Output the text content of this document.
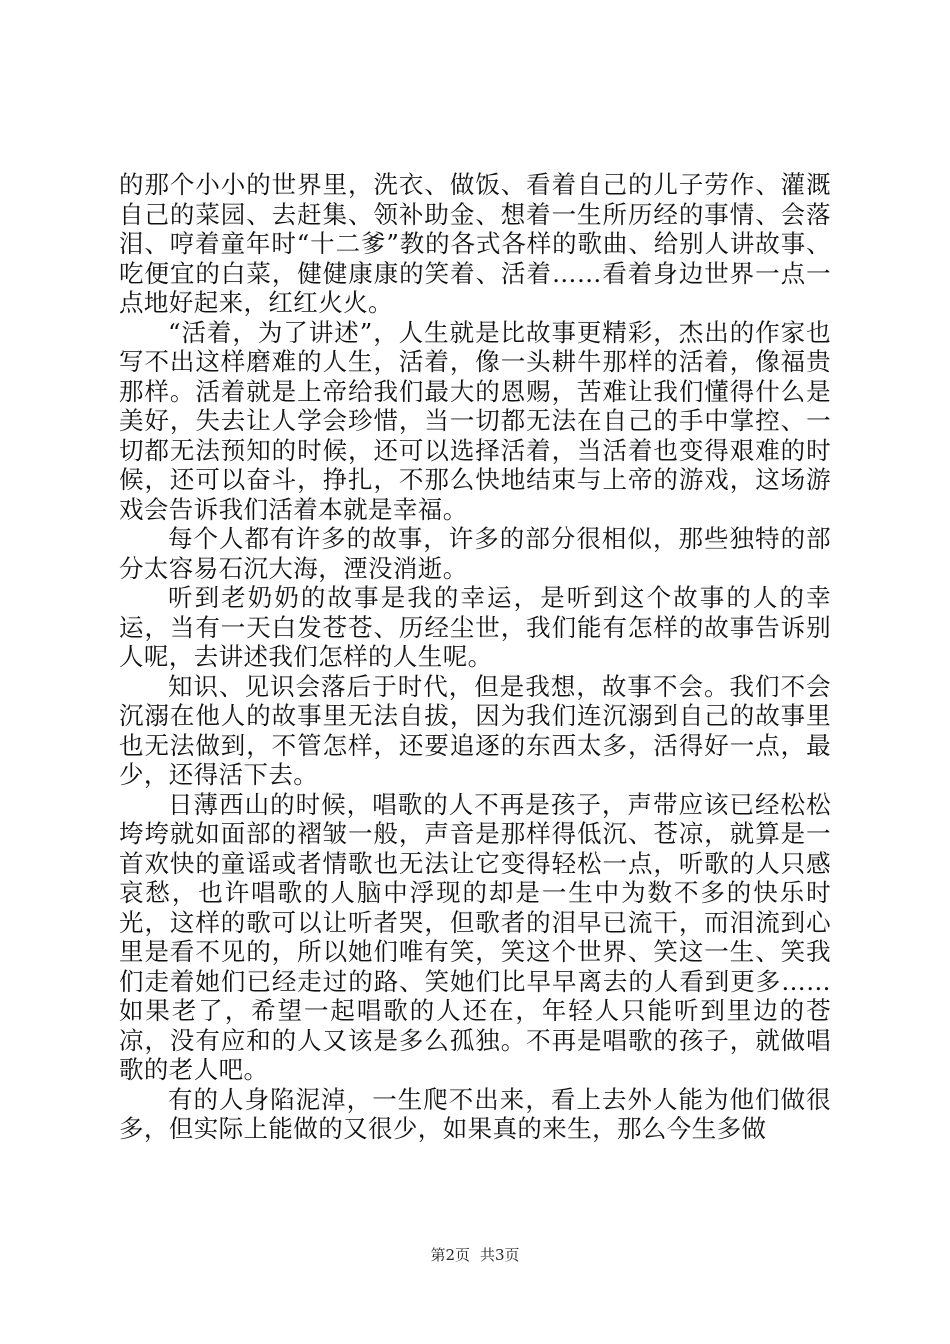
的那个小小的世界里，洗衣、做饭、看着自己的儿子劳作、灌溉自己的菜园、去赶集、领补助金、想着一生所历经的事情、会落泪、哼着童年时“十二爹”教的各式各样的歌曲、给别人讲故事、吃便宜的白菜，健健康康的笑着、活着……看着身边世界一点一点地好起来，红红火火。

“活着，为了讲述”，人生就是比故事更精彩，杰出的作家也写不出这样磨难的人生，活着，像一头耕牛那样的活着，像福贵那样。活着就是上帝给我们最大的恩赐，苦难让我们懂得什么是美好，失去让人学会珍惜，当一切都无法在自己的手中掌控、一切都无法预知的时候，还可以选择活着，当活着也变得艰难的时候，还可以奋斗，挣扎，不那么快地结束与上帝的游戏，这场游戏会告诉我们活着本就是幸福。

每个人都有许多的故事，许多的部分很相似，那些独特的部分太容易石沉大海，湮没消逝。

听到老奶奶的故事是我的幸运，是听到这个故事的人的幸运，当有一天白发苍苍、历经尘世，我们能有怎样的故事告诉别人呢，去讲述我们怎样的人生呢。

知识、见识会落后于时代，但是我想，故事不会。我们不会沉溺在他人的故事里无法自拔，因为我们连沉溺到自己的故事里也无法做到，不管怎样，还要追逐的东西太多，活得好一点，最少，还得活下去。

日薄西山的时候，唱歌的人不再是孩子，声带应该已经松松垮垮就如面部的褶皱一般，声音是那样得低沉、苍凉，就算是一首欢快的童谣或者情歌也无法让它变得轻松一点，听歌的人只感哀愁，也许唱歌的人脑中浮现的却是一生中为数不多的快乐时光，这样的歌可以让听者哭，但歌者的泪早已流干，而泪流到心里是看不见的，所以她们唯有笑，笑这个世界、笑这一生、笑我们走着她们已经走过的路、笑她们比早早离去的人看到更多……如果老了，希望一起唱歌的人还在，年轻人只能听到里边的苍凉，没有应和的人又该是多么孤独。不再是唱歌的孩子，就做唱歌的老人吧。

有的人身陷泥淖，一生爬不出来，看上去外人能为他们做很多，但实际上能做的又很少，如果真的来生，那么今生多做

第2页 共3页
